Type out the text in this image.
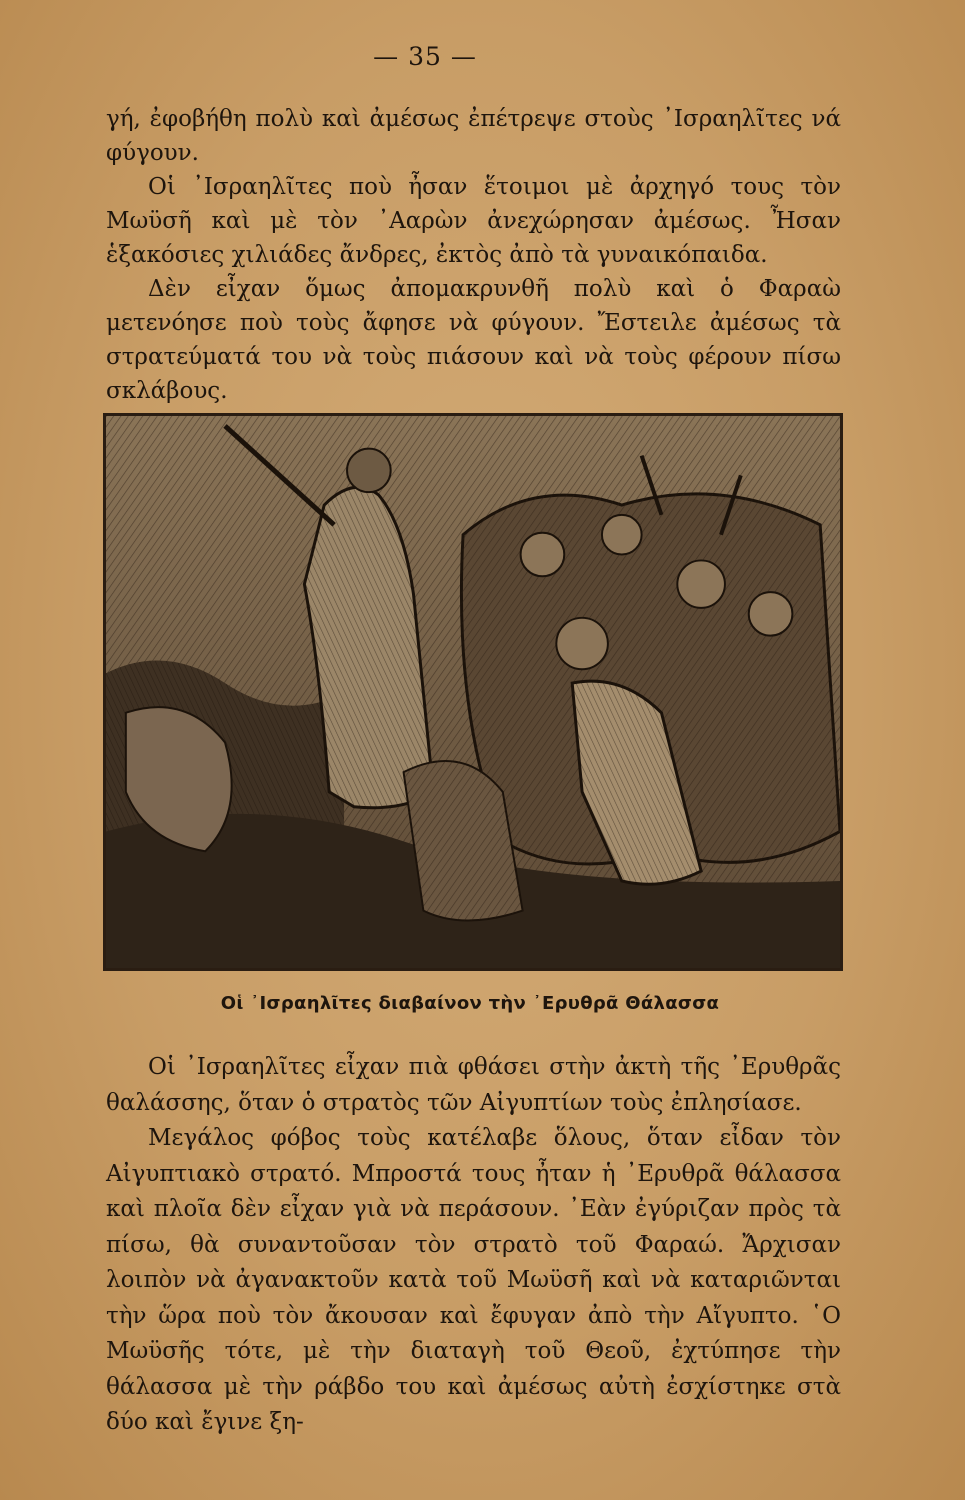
— 35 —

γή, ἐφοβήθη πολὺ καὶ ἀμέσως ἐπέτρεψε στοὺς ᾿Ισραηλῖτες νά φύγουν.

Οἱ ᾿Ισραηλῖτες ποὺ ἦσαν ἕτοιμοι μὲ ἀρχηγό τους τὸν Μωϋσῆ καὶ μὲ τὸν ᾿Ααρὼν ἀνεχώρησαν ἀμέσως. Ἦσαν ἑξακόσιες χιλιάδες ἄνδρες, ἐκτὸς ἀπὸ τὰ γυναικόπαιδα.

Δὲν εἶχαν ὅμως ἀπομακρυνθῆ πολὺ καὶ ὁ Φαραὼ μετενόησε ποὺ τοὺς ἄφησε νὰ φύγουν. Ἔστειλε ἀμέσως τὰ στρατεύματά του νὰ τοὺς πιάσουν καὶ νὰ τοὺς φέρουν πίσω σκλάβους.

Οἱ ᾿Ισραηλῖτες διαβαίνον τὴν ᾿Ερυθρᾶ Θάλασσα

Οἱ ᾿Ισραηλῖτες εἶχαν πιὰ φθάσει στὴν ἀκτὴ τῆς ᾿Ερυθρᾶς θαλάσσης, ὅταν ὁ στρατὸς τῶν Αἰγυπτίων τοὺς ἐπλησίασε.

Μεγάλος φόβος τοὺς κατέλαβε ὅλους, ὅταν εἶδαν τὸν Αἰγυπτιακὸ στρατό. Μπροστά τους ἦταν ἡ ᾿Ερυθρᾶ θάλασσα καὶ πλοῖα δὲν εἶχαν γιὰ νὰ περάσουν. ᾿Εὰν ἐγύριζαν πρὸς τὰ πίσω, θὰ συναντοῦσαν τὸν στρατὸ τοῦ Φαραώ. Ἄρχισαν λοιπὸν νὰ ἀγανακτοῦν κατὰ τοῦ Μωϋσῆ καὶ νὰ καταριῶνται τὴν ὥρα ποὺ τὸν ἄκουσαν καὶ ἔφυγαν ἀπὸ τὴν Αἴγυπτο. ῾Ο Μωϋσῆς τότε, μὲ τὴν διαταγὴ τοῦ Θεοῦ, ἐχτύπησε τὴν θάλασσα μὲ τὴν ράβδο του καὶ ἀμέσως αὐτὴ ἐσχίστηκε στὰ δύο καὶ ἔγινε ξη-
